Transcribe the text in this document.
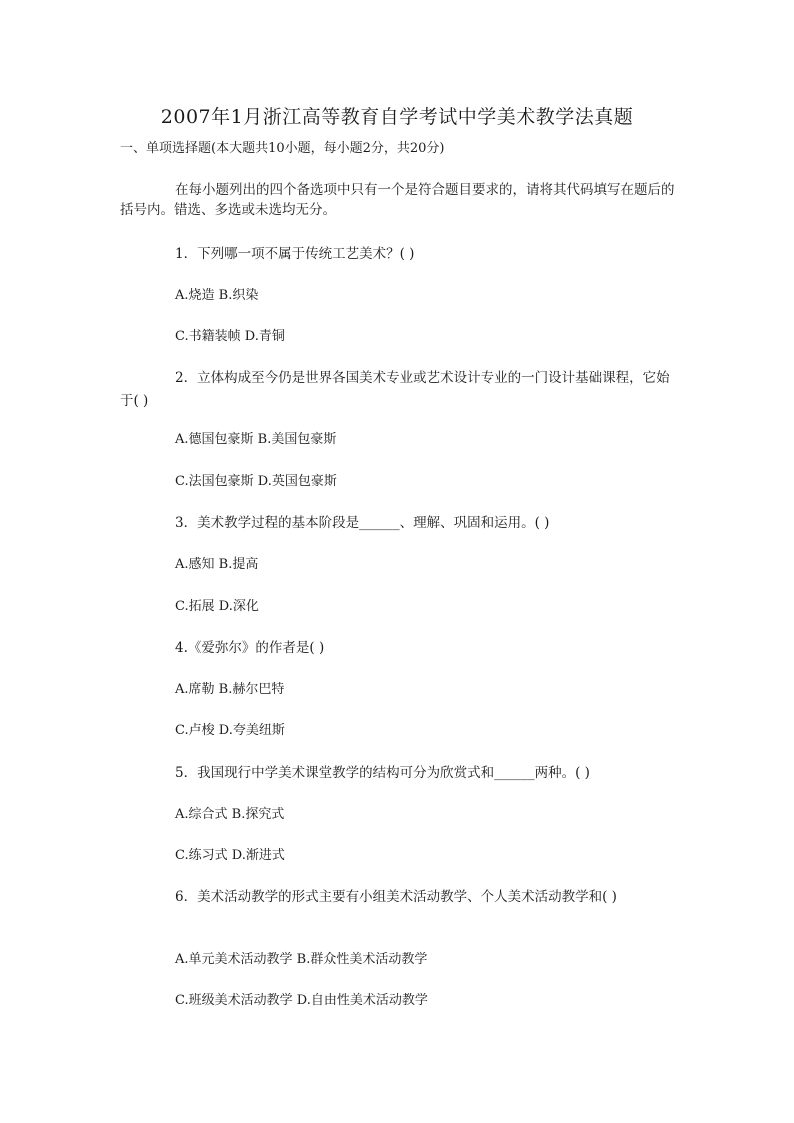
2007年1月浙江高等教育自学考试中学美术教学法真题
一、单项选择题(本大题共10小题，每小题2分，共20分)
在每小题列出的四个备选项中只有一个是符合题目要求的，请将其代码填写在题后的括号内。错选、多选或未选均无分。
1．下列哪一项不属于传统工艺美术？( )
A.烧造 B.织染
C.书籍装帧 D.青铜
2．立体构成至今仍是世界各国美术专业或艺术设计专业的一门设计基础课程，它始于( )
A.德国包豪斯 B.美国包豪斯
C.法国包豪斯 D.英国包豪斯
3．美术教学过程的基本阶段是______、理解、巩固和运用。( )
A.感知 B.提高
C.拓展 D.深化
4.《爱弥尔》的作者是( )
A.席勒 B.赫尔巴特
C.卢梭 D.夸美纽斯
5．我国现行中学美术课堂教学的结构可分为欣赏式和______两种。( )
A.综合式 B.探究式
C.练习式 D.渐进式
6．美术活动教学的形式主要有小组美术活动教学、个人美术活动教学和( )
A.单元美术活动教学 B.群众性美术活动教学
C.班级美术活动教学 D.自由性美术活动教学
